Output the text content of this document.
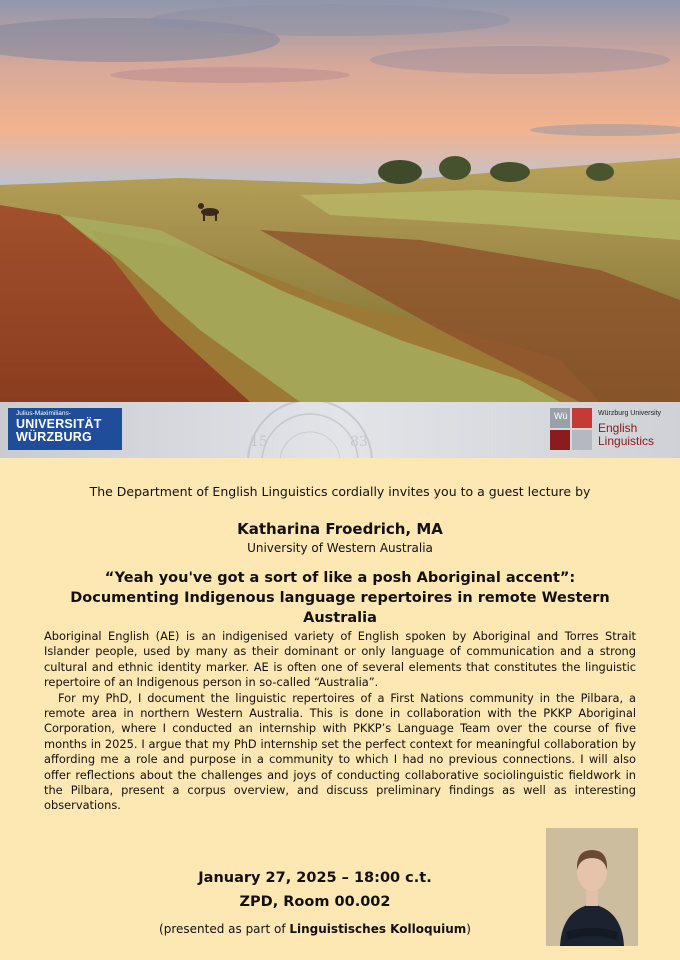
Julius-Maximilians-
UNIVERSITÄT
WÜRZBURG	15	83
Wü	Würzburg University
English
Linguistics
The Department of English Linguistics cordially invites you to a guest lecture by
Katharina Froedrich, MA
University of Western Australia
“Yeah you've got a sort of like a posh Aboriginal accent”:
Documenting Indigenous language repertoires in remote Western Australia

Aboriginal English (AE) is an indigenised variety of English spoken by Aboriginal and Torres Strait Islander people, used by many as their dominant or only language of communication and a strong cultural and ethnic identity marker. AE is often one of several elements that constitutes the linguistic repertoire of an Indigenous person in so-called “Australia”.

For my PhD, I document the linguistic repertoires of a First Nations community in the Pilbara, a remote area in northern Western Australia. This is done in collaboration with the PKKP Aboriginal Corporation, where I conducted an internship with PKKP’s Language Team over the course of five months in 2025. I argue that my PhD internship set the perfect context for meaningful collaboration by affording me a role and purpose in a community to which I had no previous connections. I will also offer reflections about the challenges and joys of conducting collaborative sociolinguistic fieldwork in the Pilbara, present a corpus overview, and discuss preliminary findings as well as interesting observations.

January 27, 2025 – 18:00 c.t.
ZPD, Room 00.002
(presented as part of Linguistisches Kolloquium)
